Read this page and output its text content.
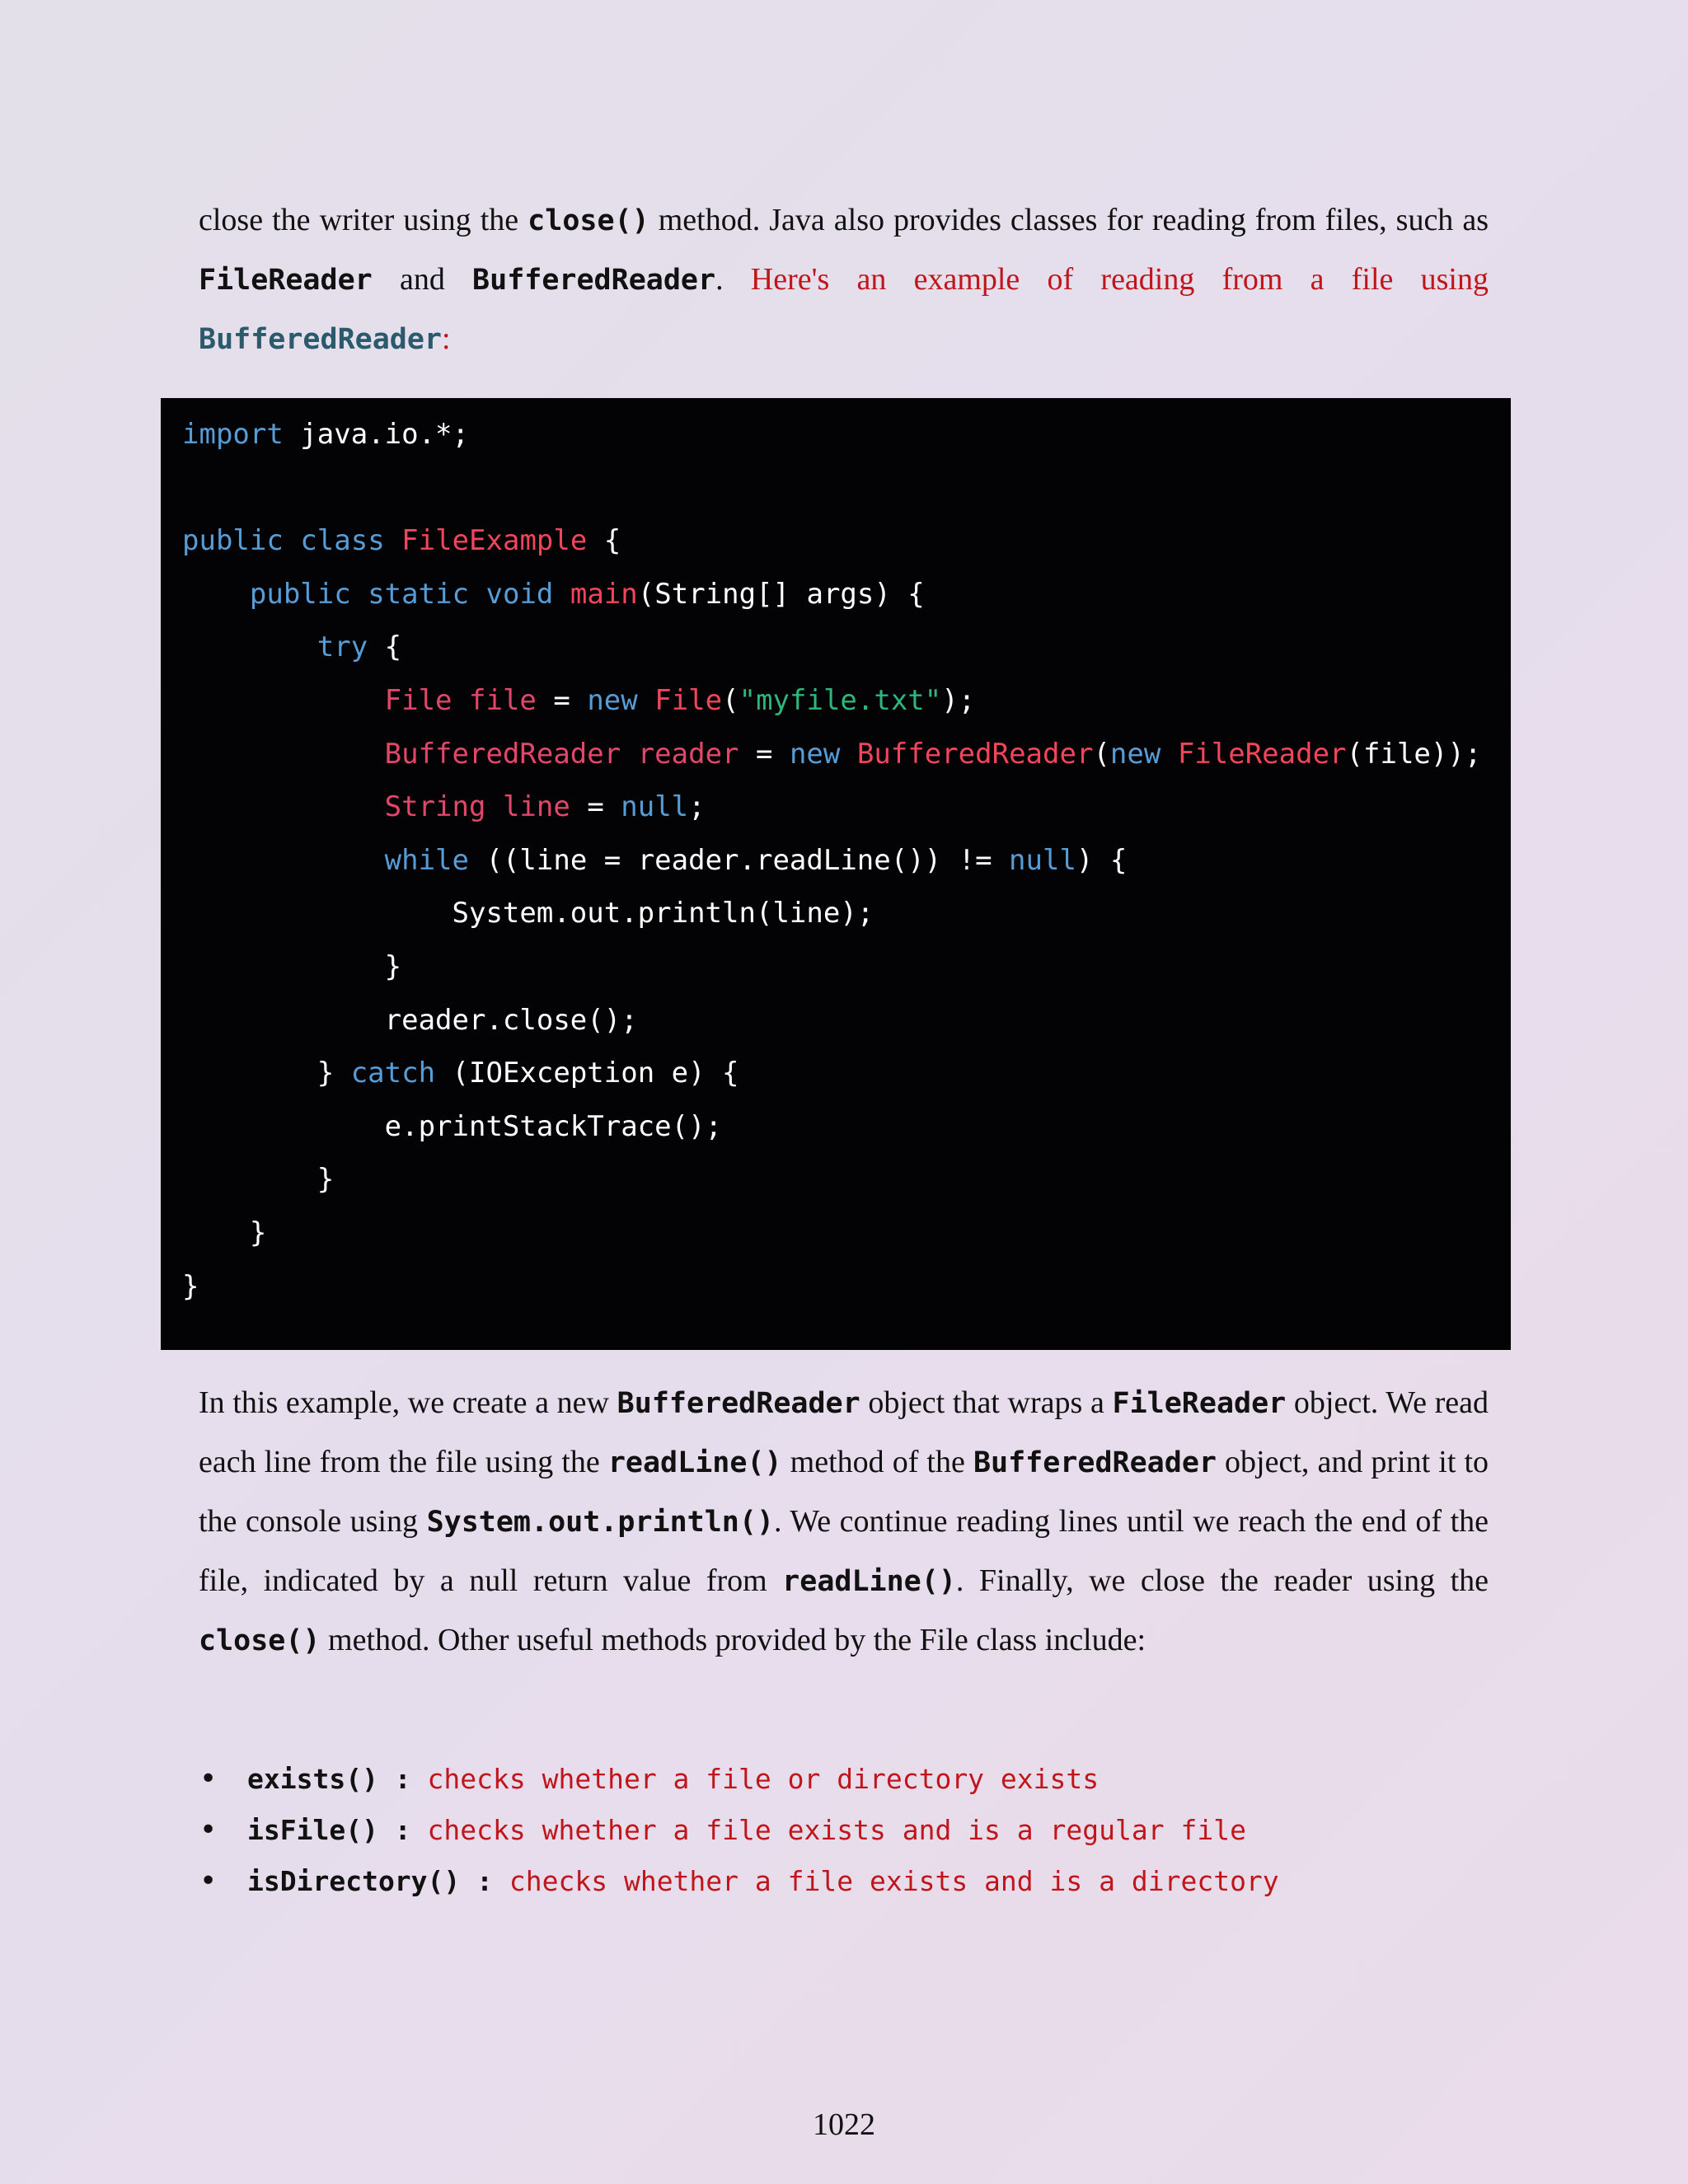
close the writer using the close() method. Java also provides classes for reading from files, such as FileReader and BufferedReader. Here's an example of reading from a file using BufferedReader:

import java.io.*;

public class FileExample {
public static void main(String[] args) {
try {
File file = new File("myfile.txt");
BufferedReader reader = new BufferedReader(new FileReader(file));
String line = null;
while ((line = reader.readLine()) != null) {
System.out.println(line);
}
reader.close();
} catch (IOException e) {
e.printStackTrace();
}
}
}

In this example, we create a new BufferedReader object that wraps a FileReader object. We read each line from the file using the readLine() method of the BufferedReader object, and print it to the console using System.out.println(). We continue reading lines until we reach the end of the file, indicated by a null return value from readLine(). Finally, we close the reader using the close() method. Other useful methods provided by the File class include:

• exists() : checks whether a file or directory exists
• isFile() : checks whether a file exists and is a regular file
• isDirectory() : checks whether a file exists and is a directory
1022
